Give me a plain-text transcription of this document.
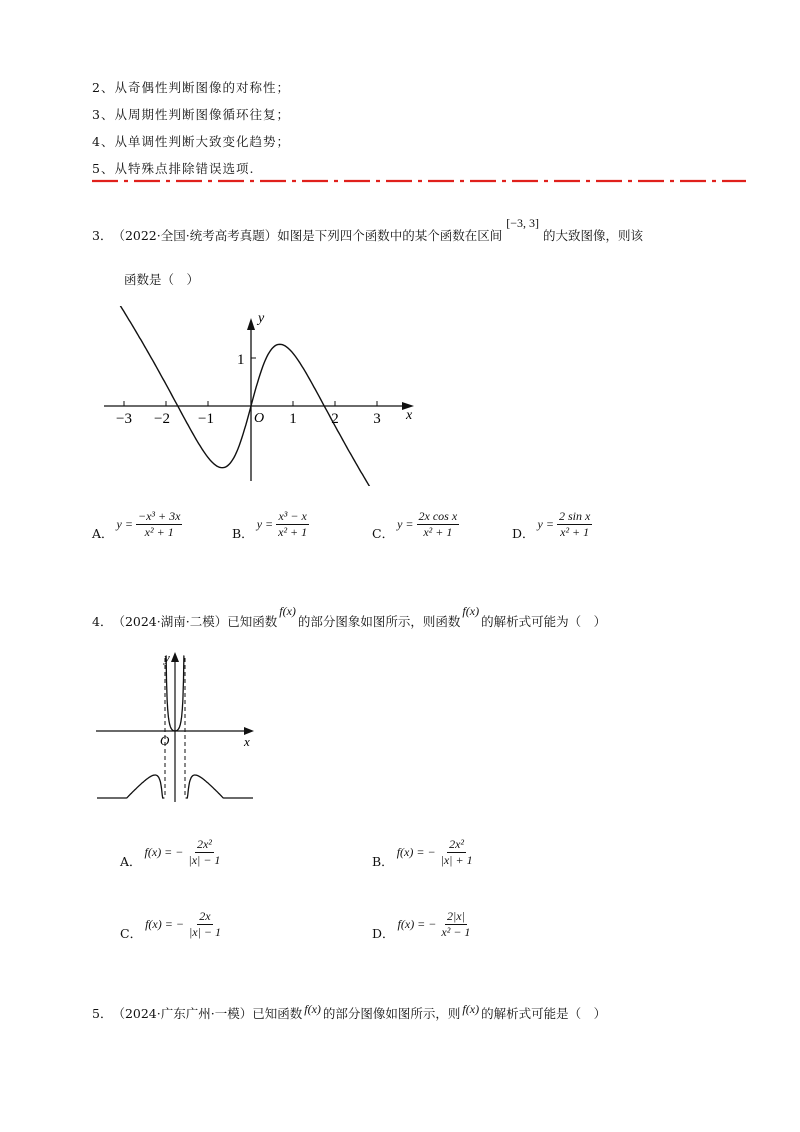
2、从奇偶性判断图像的对称性；
3、从周期性判断图像循环往复；
4、从单调性判断大致变化趋势；
5、从特殊点排除错误选项.
3． （2022·全国·统考高考真题） 如图是下列四个函数中的某个函数在区间
[−3, 3]
的大致图像，则该
函数是（　）
−3 −2 −1	1 2 3
1
O	x
y
A．
$y = \frac{\text{−x³ + 3x}}{\text{x² + 1}}$	B．
$y = \frac{\text{x³ − x}}{\text{x² + 1}}$	C．
$y = \frac{\text{2x cos x}}{\text{x² + 1}}$	D．
$y = \frac{\text{2 sin x}}{\text{x² + 1}}$
4． （2024·湖南·二模） 已知函数
f(x)
的部分图象如图所示，则函数
f(x)
的解析式可能为（　）
O	x
y
A．
f(x) = − $\frac{\text{2x²}}{|x| - 1}$	B．
f(x) = − $\frac{\text{2x²}}{|x| + 1}$
C．
f(x) = − $\frac{2x}{|x| - 1}$	D．
f(x) = − $\frac{2|x|}{\text{x² − 1}}$
5． （2024·广东广州·一模） 已知函数 f(x) 的部分图像如图所示，则 f(x) 的解析式可能是（　）
